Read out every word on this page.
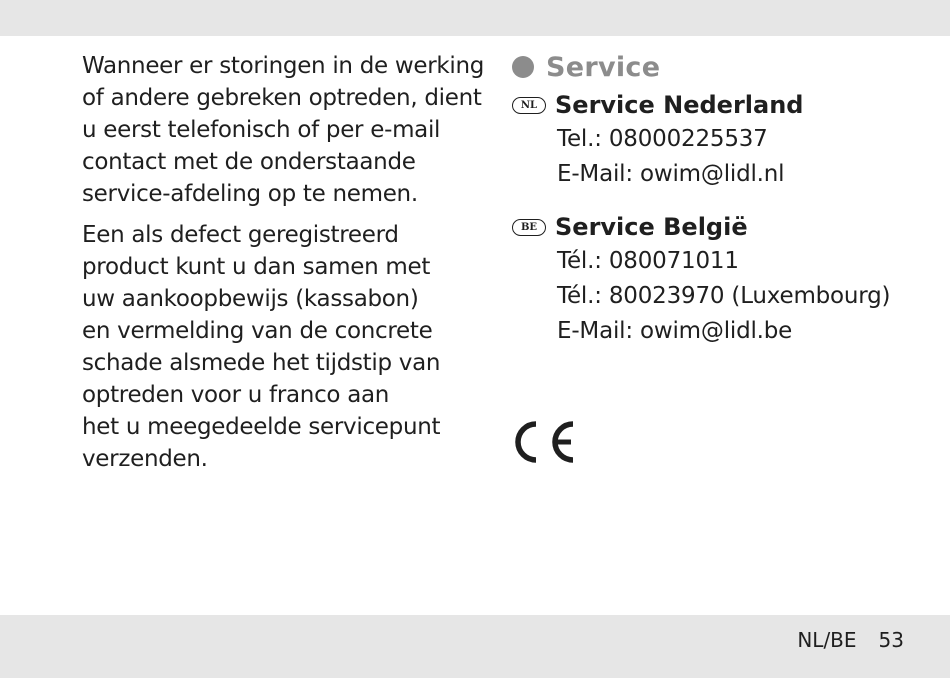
Wanneer er storingen in de werking
of andere gebreken optreden, dient
u eerst telefonisch of per e-mail
contact met de onderstaande
service-afdeling op te nemen.

Een als defect geregistreerd
product kunt u dan samen met
uw aankoopbewijs (kassabon)
en vermelding van de concrete
schade alsmede het tijdstip van
optreden voor u franco aan
het u meegedeelde servicepunt
verzenden.

Service
NL Service Nederland
Tel.: 08000225537
E-Mail: owim@lidl.nl
BE Service België
Tél.: 080071011
Tél.: 80023970 (Luxembourg)
E-Mail: owim@lidl.be
NL/BE 53
